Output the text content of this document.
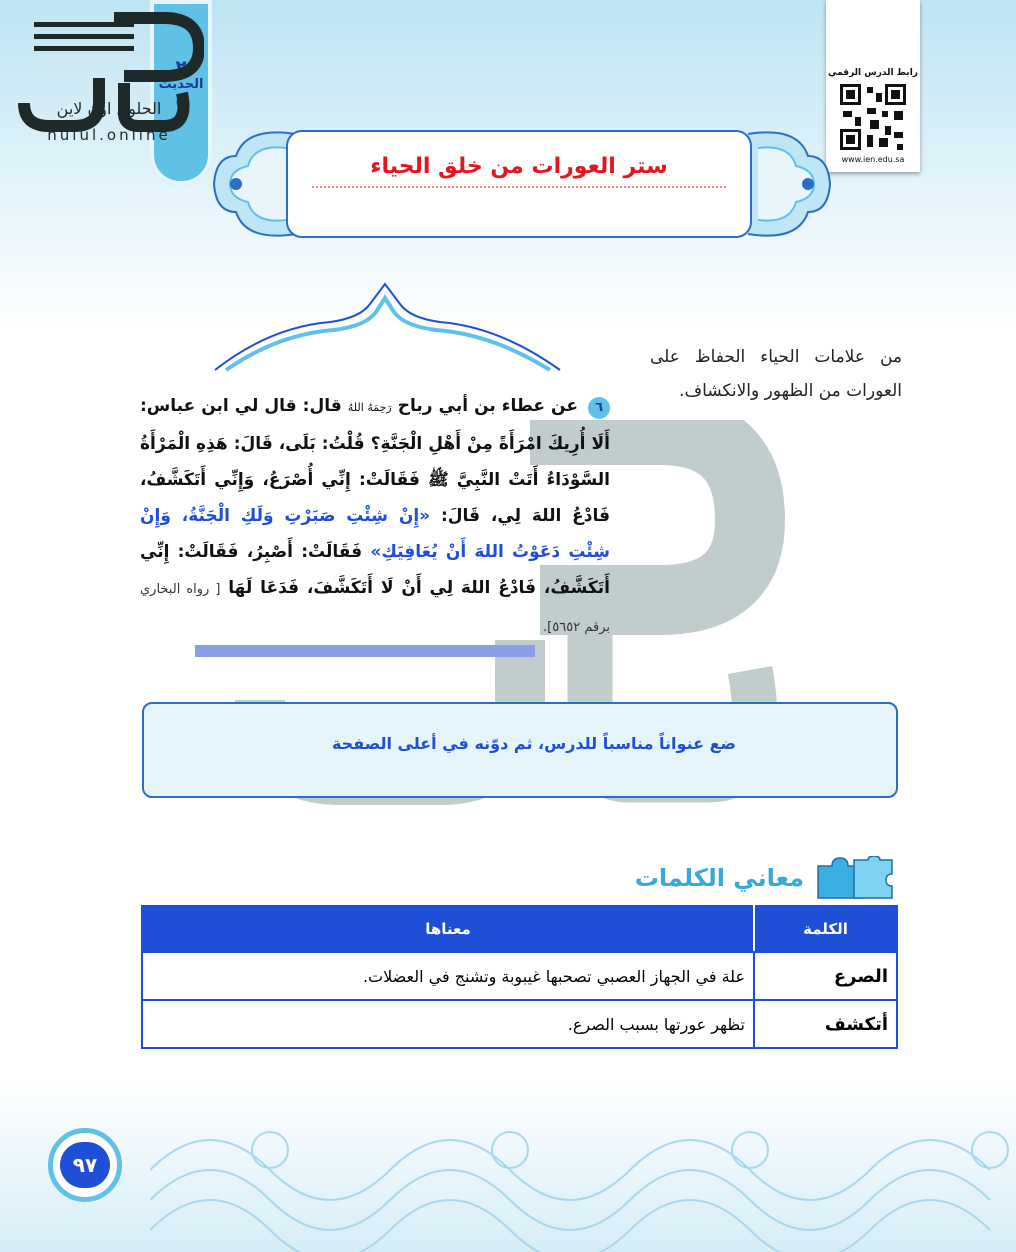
٢
الحديث
٥
الحلول اون لاين
hulul.online
رابط الدرس الرقمي
www.ien.edu.sa
ستر العورات من خلق الحياء
من علامات الحياء الحفاظ على العورات من الظهور والانكشاف.
٦ عن عطاء بن أبي رباح رَحِمَهُ اللهُ قال: قال لي ابن عباس: أَلَا أُرِيكَ امْرَأَةً مِنْ أَهْلِ الْجَنَّةِ؟ قُلْتُ: بَلَى، قَالَ: هَذِهِ الْمَرْأَةُ السَّوْدَاءُ أَتَتْ النَّبِيَّ ﷺ فَقَالَتْ: إِنِّي أُصْرَعُ، وَإِنِّي أَتَكَشَّفُ، فَادْعُ اللهَ لِي، قَالَ: «إِنْ شِئْتِ صَبَرْتِ وَلَكِ الْجَنَّةُ، وَإِنْ شِئْتِ دَعَوْتُ اللهَ أَنْ يُعَافِيَكِ» فَقَالَتْ: أَصْبِرُ، فَقَالَتْ: إِنِّي أَتَكَشَّفُ، فَادْعُ اللهَ لِي أَنْ لَا أَتَكَشَّفَ، فَدَعَا لَهَا [ رواه البخاري برقم ٥٦٥٢].
ضع عنواناً مناسباً للدرس، ثم دوّنه في أعلى الصفحة
معاني الكلمات
الكلمة	معناها
الصرع	علة في الجهاز العصبي تصحبها غيبوبة وتشنج في العضلات.
أتكشف	تظهر عورتها بسبب الصرع.
٩٧
